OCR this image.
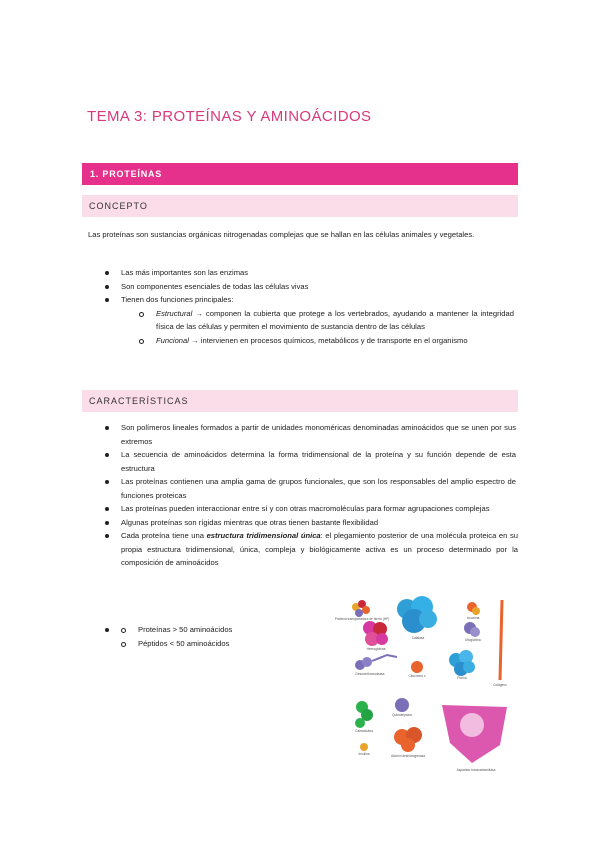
TEMA 3: PROTEÍNAS Y AMINOÁCIDOS
1. PROTEÍNAS
CONCEPTO

Las proteínas son sustancias orgánicas nitrogenadas complejas que se hallan en las células animales y vegetales.

Las más importantes son las enzimas
Son componentes esenciales de todas las células vivas
Tienen dos funciones principales:
Estructural → componen la cubierta que protege a los vertebrados, ayudando a mantener la integridad física de las células y permiten el movimiento de sustancia dentro de las células
Funcional → intervienen en procesos químicos, metabólicos y de transporte en el organismo
CARACTERÍSTICAS
Son polímeros lineales formados a partir de unidades monoméricas denominadas aminoácidos que se unen por sus extremos
La secuencia de aminoácidos determina la forma tridimensional de la proteína y su función depende de esta estructura
Las proteínas contienen una amplia gama de grupos funcionales, que son los responsables del amplio espectro de funciones proteicas
Las proteínas pueden interaccionar entre sí y con otras macromoléculas para formar agrupaciones complejas
Algunas proteínas son rígidas mientras que otras tienen bastante flexibilidad
Cada proteína tiene una estructura tridimensional única: el plegamiento posterior de una molécula proteica en su propia estructura tridimensional, única, compleja y biológicamente activa es un proceso determinado por la composición de aminoácidos
Proteínas > 50 aminoácidos
Péptidos < 50 aminoácidos
Proteína transportadora de hierro (HP)
Catalasa
Lisozima
Hemoglobina
Mioglobina
Desoxirribonucleasa	Citocromo c	Porina
Colágeno
Calmodulina
Quimotripsina
Insulina	Alcohol deshidrogenasa
Aspartato transcarbamilasa
